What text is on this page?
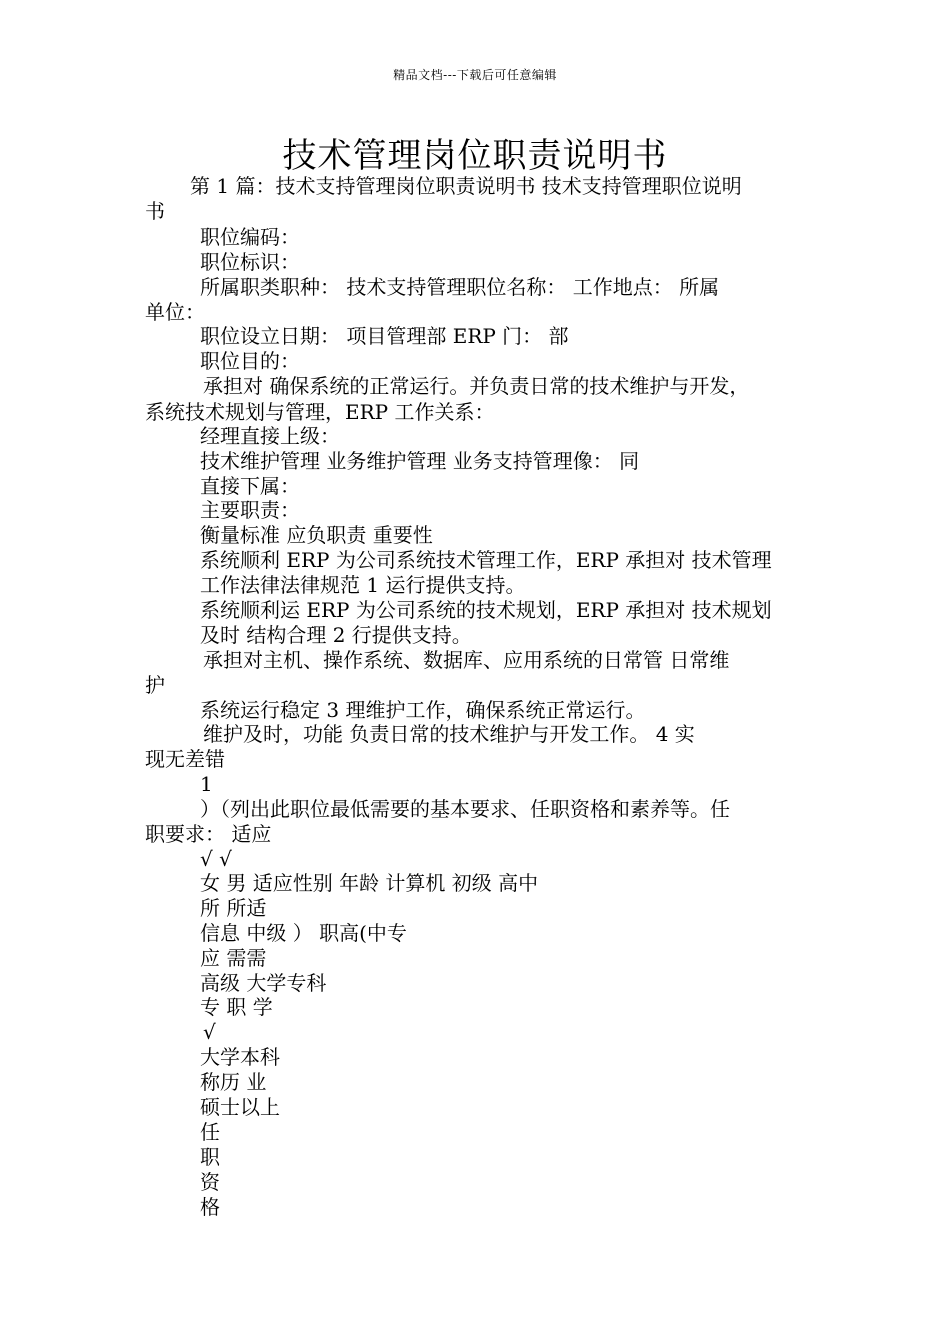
精品文档---下载后可任意编辑
技术管理岗位职责说明书
第 1 篇：技术支持管理岗位职责说明书 技术支持管理职位说明
书
职位编码：
职位标识：
所属职类职种： 技术支持管理职位名称： 工作地点： 所属
单位：
职位设立日期： 项目管理部 ERP 门： 部
职位目的：
承担对 确保系统的正常运行。并负责日常的技术维护与开发，
系统技术规划与管理，ERP 工作关系：
经理直接上级：
技术维护管理 业务维护管理 业务支持管理像： 同
直接下属：
主要职责：
衡量标准 应负职责 重要性
系统顺利 ERP 为公司系统技术管理工作，ERP 承担对 技术管理
工作法律法律规范 1 运行提供支持。
系统顺利运 ERP 为公司系统的技术规划，ERP 承担对 技术规划
及时 结构合理 2 行提供支持。
承担对主机、操作系统、数据库、应用系统的日常管 日常维
护
系统运行稳定 3 理维护工作，确保系统正常运行。
维护及时，功能 负责日常的技术维护与开发工作。 4 实
现无差错
1
）（列出此职位最低需要的基本要求、任职资格和素养等。任
职要求： 适应
√ √
女 男 适应性别 年龄 计算机 初级 高中
所 所适
信息 中级 ） 职高(中专
应 需需
高级 大学专科
专 职 学
√
大学本科
称历 业
硕士以上
任
职
资
格
